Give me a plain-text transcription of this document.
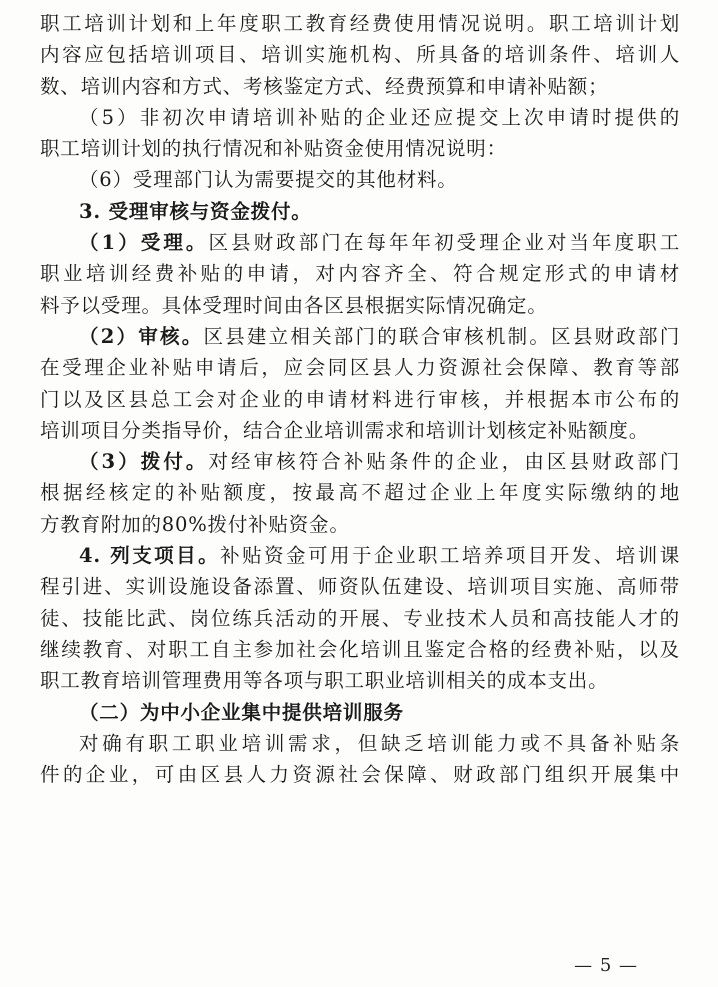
职工培训计划和上年度职工教育经费使用情况说明。职工培训计划
内容应包括培训项目、培训实施机构、所具备的培训条件、培训人
数、培训内容和方式、考核鉴定方式、经费预算和申请补贴额；

（5）非初次申请培训补贴的企业还应提交上次申请时提供的
职工培训计划的执行情况和补贴资金使用情况说明：

（6）受理部门认为需要提交的其他材料。

3. 受理审核与资金拨付。

（1）受理。区县财政部门在每年年初受理企业对当年度职工
职业培训经费补贴的申请，对内容齐全、符合规定形式的申请材
料予以受理。具体受理时间由各区县根据实际情况确定。

（2）审核。区县建立相关部门的联合审核机制。区县财政部门
在受理企业补贴申请后，应会同区县人力资源社会保障、教育等部
门以及区县总工会对企业的申请材料进行审核，并根据本市公布的
培训项目分类指导价，结合企业培训需求和培训计划核定补贴额度。

（3）拨付。对经审核符合补贴条件的企业，由区县财政部门
根据经核定的补贴额度，按最高不超过企业上年度实际缴纳的地
方教育附加的80%拨付补贴资金。

4. 列支项目。补贴资金可用于企业职工培养项目开发、培训课
程引进、实训设施设备添置、师资队伍建设、培训项目实施、高师带
徒、技能比武、岗位练兵活动的开展、专业技术人员和高技能人才的
继续教育、对职工自主参加社会化培训且鉴定合格的经费补贴，以及
职工教育培训管理费用等各项与职工职业培训相关的成本支出。

（二）为中小企业集中提供培训服务

对确有职工职业培训需求，但缺乏培训能力或不具备补贴条
件的企业，可由区县人力资源社会保障、财政部门组织开展集中

— 5 —
